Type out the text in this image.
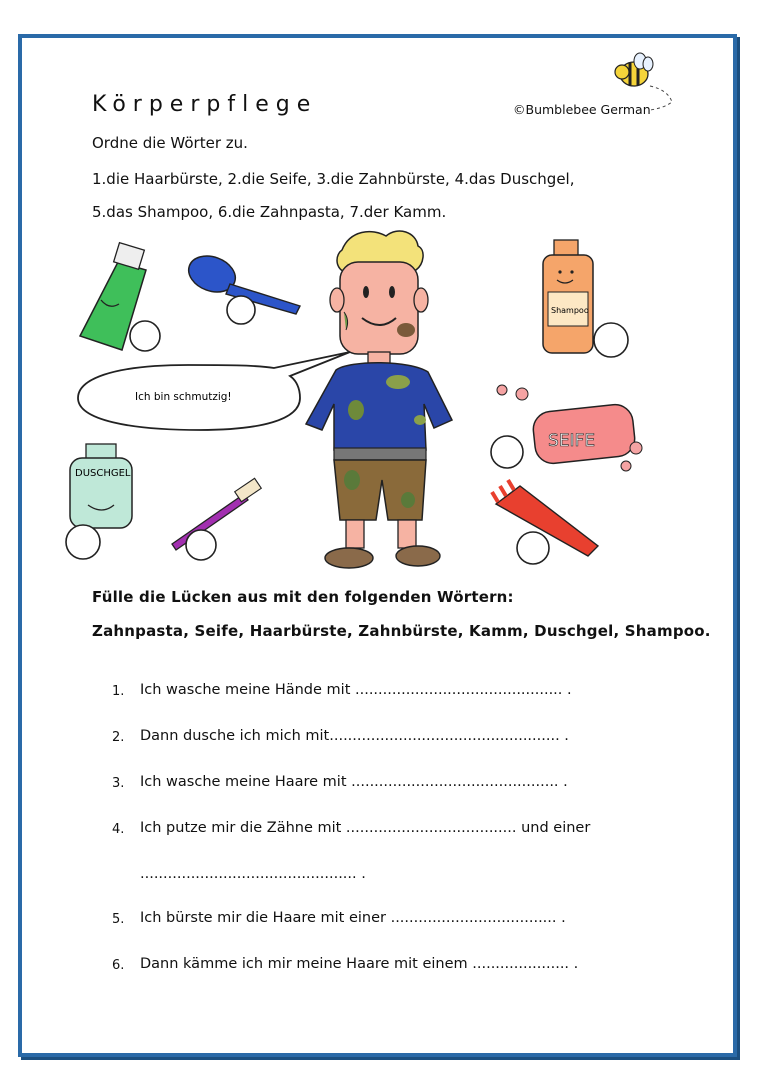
Körperpflege	©Bumblebee German
Shampoo
Ich bin schmutzig!
SEIFE
DUSCHGEL
Ordne die Wörter zu.
1.die Haarbürste, 2.die Seife, 3.die Zahnbürste, 4.das Duschgel,
5.das Shampoo, 6.die Zahnpasta, 7.der Kamm.
Fülle die Lücken aus mit den folgenden Wörtern:
Zahnpasta, Seife, Haarbürste, Zahnbürste, Kamm, Duschgel, Shampoo.
1. Ich wasche meine Hände mit ............................................. .
2. Dann dusche ich mich mit.................................................. .
3. Ich wasche meine Haare mit ............................................. .
4. Ich putze mir die Zähne mit ..................................... und einer
............................................... .
5. Ich bürste mir die Haare mit einer .................................... .
6. Dann kämme ich mir meine Haare mit einem ..................... .
